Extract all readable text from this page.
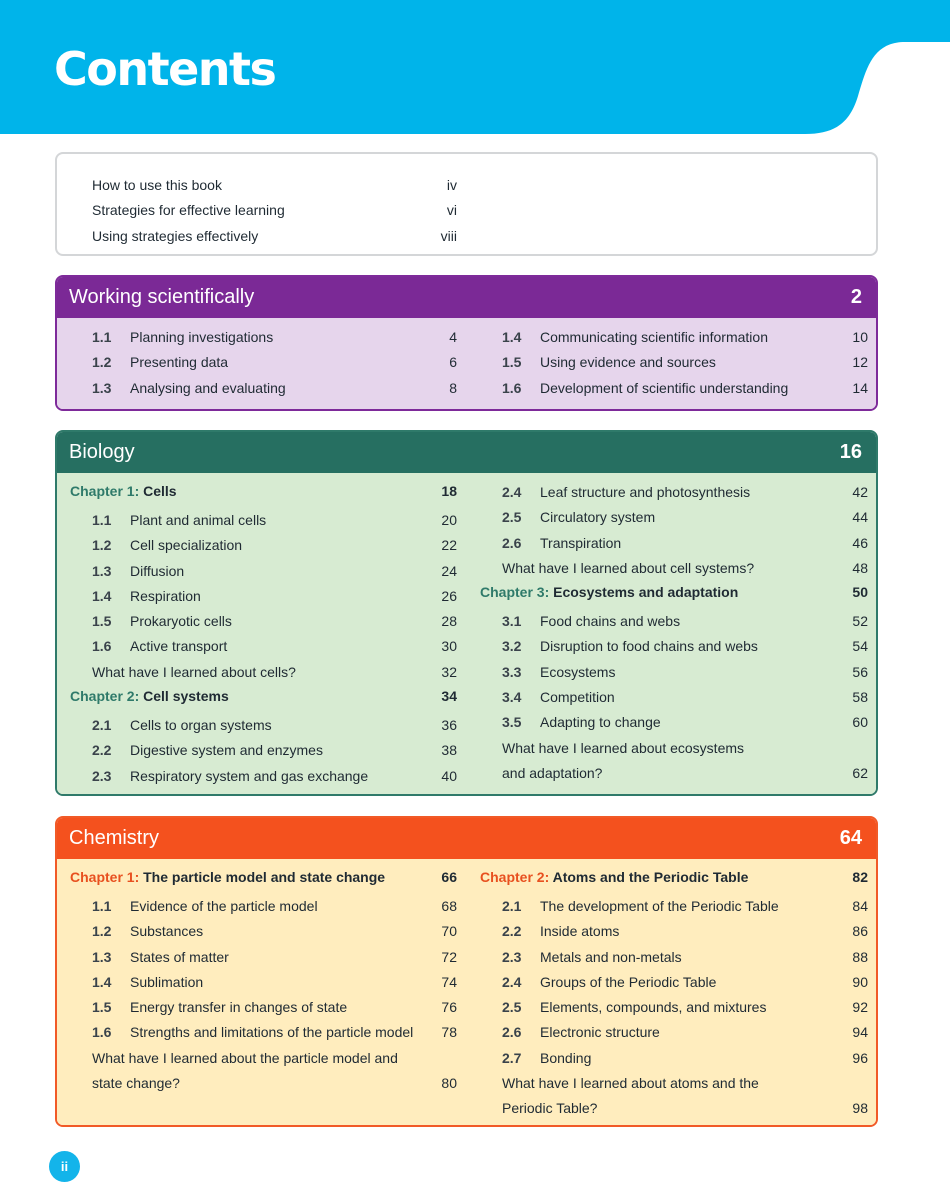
Contents
How to use this book	iv
Strategies for effective learning	vi
Using strategies effectively	viii
Working scientifically	2
1.1 Planning investigations	4
1.2 Presenting data	6
1.3 Analysing and evaluating	8
1.4 Communicating scientific information	10
1.5 Using evidence and sources	12
1.6 Development of scientific understanding	14
Biology	16
Chapter 1: Cells	18
1.1 Plant and animal cells	20
1.2 Cell specialization	22
1.3 Diffusion	24
1.4 Respiration	26
1.5 Prokaryotic cells	28
1.6 Active transport	30
What have I learned about cells?	32
Chapter 2: Cell systems	34
2.1 Cells to organ systems	36
2.2 Digestive system and enzymes	38
2.3 Respiratory system and gas exchange	40
2.4 Leaf structure and photosynthesis	42
2.5 Circulatory system	44
2.6 Transpiration	46
What have I learned about cell systems?	48
Chapter 3: Ecosystems and adaptation	50
3.1 Food chains and webs	52
3.2 Disruption to food chains and webs	54
3.3 Ecosystems	56
3.4 Competition	58
3.5 Adapting to change	60
What have I learned about ecosystems
and adaptation?	62
Chemistry	64
Chapter 1: The particle model and state change	66
1.1 Evidence of the particle model	68
1.2 Substances	70
1.3 States of matter	72
1.4 Sublimation	74
1.5 Energy transfer in changes of state	76
1.6 Strengths and limitations of the particle model 78
What have I learned about the particle model and
state change?	80
Chapter 2: Atoms and the Periodic Table	82
2.1 The development of the Periodic Table	84
2.2 Inside atoms	86
2.3 Metals and non-metals	88
2.4 Groups of the Periodic Table	90
2.5 Elements, compounds, and mixtures	92
2.6 Electronic structure	94
2.7 Bonding	96
What have I learned about atoms and the
Periodic Table?	98
ii
